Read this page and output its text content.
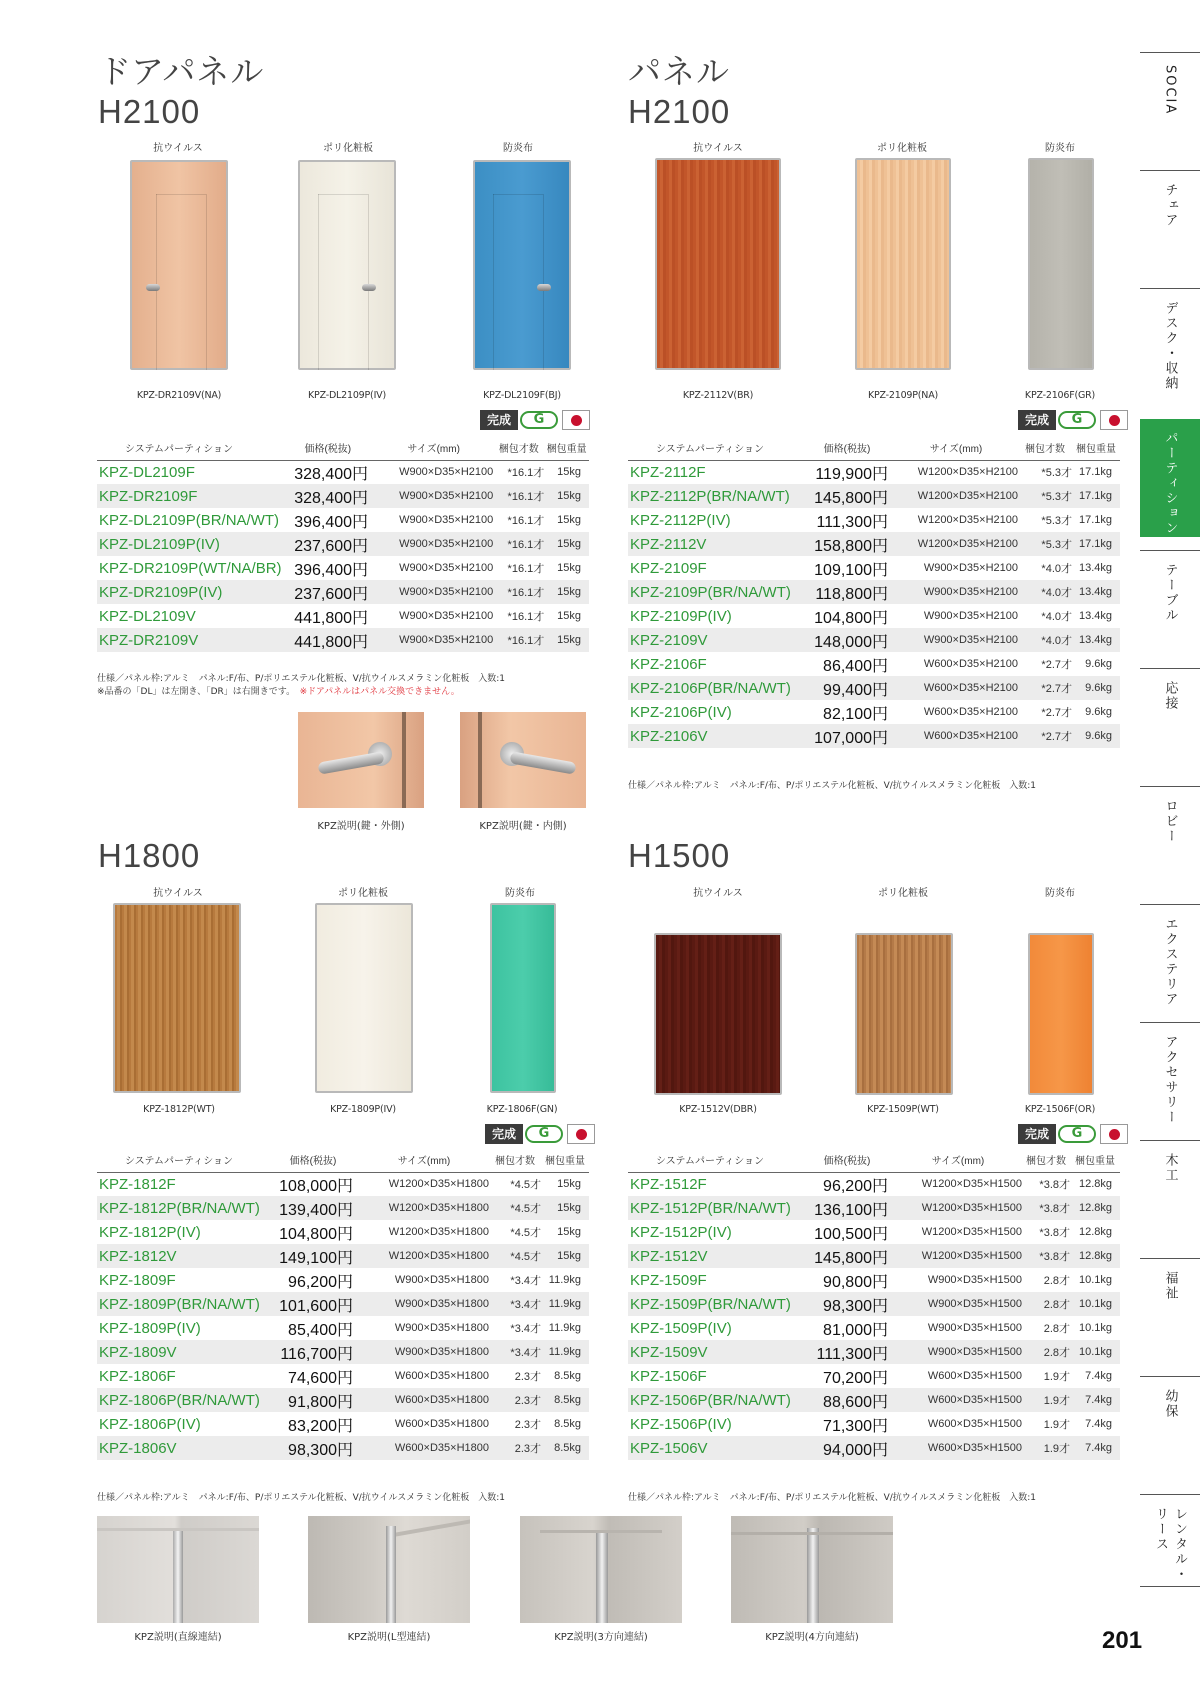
SOCIA
チェア
デスク・収納
パーティション
テーブル
応接
ロビー
エクステリア
アクセサリー
木工
福祉
幼保
レンタル・リース
ドアパネル
H2100
抗ウイルス	ポリ化粧板	防炎布
KPZ-DR2109V(NA)	KPZ-DL2109P(IV)	KPZ-DL2109F(BJ)
完成	G
システムパーティション	価格(税抜)	サイズ(mm)	梱包才数	梱包重量
KPZ-DL2109F	328,400円	W900×D35×H2100	*16.1才	15kg
KPZ-DR2109F	328,400円	W900×D35×H2100	*16.1才	15kg
KPZ-DL2109P(BR/NA/WT)	396,400円	W900×D35×H2100	*16.1才	15kg
KPZ-DL2109P(IV)	237,600円	W900×D35×H2100	*16.1才	15kg
KPZ-DR2109P(WT/NA/BR)	396,400円	W900×D35×H2100	*16.1才	15kg
KPZ-DR2109P(IV)	237,600円	W900×D35×H2100	*16.1才	15kg
KPZ-DL2109V	441,800円	W900×D35×H2100	*16.1才	15kg
KPZ-DR2109V	441,800円	W900×D35×H2100	*16.1才	15kg
仕様／パネル枠:アルミ　パネル:F/布、P/ポリエステル化粧板、V/抗ウイルスメラミン化粧板　入数:1
※品番の「DL」は左開き、「DR」は右開きです。　 ※ドアパネルはパネル交換できません。
KPZ説明(鍵・外側)	KPZ説明(鍵・内側)
パネル
H2100
抗ウイルス	ポリ化粧板	防炎布
KPZ-2112V(BR)	KPZ-2109P(NA)	KPZ-2106F(GR)
完成	G
システムパーティション	価格(税抜)	サイズ(mm)	梱包才数	梱包重量
KPZ-2112F	119,900円	W1200×D35×H2100	*5.3才	17.1kg
KPZ-2112P(BR/NA/WT)	145,800円	W1200×D35×H2100	*5.3才	17.1kg
KPZ-2112P(IV)	111,300円	W1200×D35×H2100	*5.3才	17.1kg
KPZ-2112V	158,800円	W1200×D35×H2100	*5.3才	17.1kg
KPZ-2109F	109,100円	W900×D35×H2100	*4.0才	13.4kg
KPZ-2109P(BR/NA/WT)	118,800円	W900×D35×H2100	*4.0才	13.4kg
KPZ-2109P(IV)	104,800円	W900×D35×H2100	*4.0才	13.4kg
KPZ-2109V	148,000円	W900×D35×H2100	*4.0才	13.4kg
KPZ-2106F	86,400円	W600×D35×H2100	*2.7才	9.6kg
KPZ-2106P(BR/NA/WT)	99,400円	W600×D35×H2100	*2.7才	9.6kg
KPZ-2106P(IV)	82,100円	W600×D35×H2100	*2.7才	9.6kg
KPZ-2106V	107,000円	W600×D35×H2100	*2.7才	9.6kg
仕様／パネル枠:アルミ　パネル:F/布、P/ポリエステル化粧板、V/抗ウイルスメラミン化粧板　入数:1
H1800
抗ウイルス	ポリ化粧板	防炎布
KPZ-1812P(WT)	KPZ-1809P(IV)	KPZ-1806F(GN)
完成	G
システムパーティション	価格(税抜)	サイズ(mm)	梱包才数	梱包重量
KPZ-1812F	108,000円	W1200×D35×H1800	*4.5才	15kg
KPZ-1812P(BR/NA/WT)	139,400円	W1200×D35×H1800	*4.5才	15kg
KPZ-1812P(IV)	104,800円	W1200×D35×H1800	*4.5才	15kg
KPZ-1812V	149,100円	W1200×D35×H1800	*4.5才	15kg
KPZ-1809F	96,200円	W900×D35×H1800	*3.4才	11.9kg
KPZ-1809P(BR/NA/WT)	101,600円	W900×D35×H1800	*3.4才	11.9kg
KPZ-1809P(IV)	85,400円	W900×D35×H1800	*3.4才	11.9kg
KPZ-1809V	116,700円	W900×D35×H1800	*3.4才	11.9kg
KPZ-1806F	74,600円	W600×D35×H1800	2.3才	8.5kg
KPZ-1806P(BR/NA/WT)	91,800円	W600×D35×H1800	2.3才	8.5kg
KPZ-1806P(IV)	83,200円	W600×D35×H1800	2.3才	8.5kg
KPZ-1806V	98,300円	W600×D35×H1800	2.3才	8.5kg
仕様／パネル枠:アルミ　パネル:F/布、P/ポリエステル化粧板、V/抗ウイルスメラミン化粧板　入数:1
H1500
抗ウイルス	ポリ化粧板	防炎布
KPZ-1512V(DBR)	KPZ-1509P(WT)	KPZ-1506F(OR)
完成	G
システムパーティション	価格(税抜)	サイズ(mm)	梱包才数	梱包重量
KPZ-1512F	96,200円	W1200×D35×H1500	*3.8才	12.8kg
KPZ-1512P(BR/NA/WT)	136,100円	W1200×D35×H1500	*3.8才	12.8kg
KPZ-1512P(IV)	100,500円	W1200×D35×H1500	*3.8才	12.8kg
KPZ-1512V	145,800円	W1200×D35×H1500	*3.8才	12.8kg
KPZ-1509F	90,800円	W900×D35×H1500	2.8才	10.1kg
KPZ-1509P(BR/NA/WT)	98,300円	W900×D35×H1500	2.8才	10.1kg
KPZ-1509P(IV)	81,000円	W900×D35×H1500	2.8才	10.1kg
KPZ-1509V	111,300円	W900×D35×H1500	2.8才	10.1kg
KPZ-1506F	70,200円	W600×D35×H1500	1.9才	7.4kg
KPZ-1506P(BR/NA/WT)	88,600円	W600×D35×H1500	1.9才	7.4kg
KPZ-1506P(IV)	71,300円	W600×D35×H1500	1.9才	7.4kg
KPZ-1506V	94,000円	W600×D35×H1500	1.9才	7.4kg
仕様／パネル枠:アルミ　パネル:F/布、P/ポリエステル化粧板、V/抗ウイルスメラミン化粧板　入数:1
KPZ説明(直線連結)	KPZ説明(L型連結)	KPZ説明(3方向連結)	KPZ説明(4方向連結)	201
